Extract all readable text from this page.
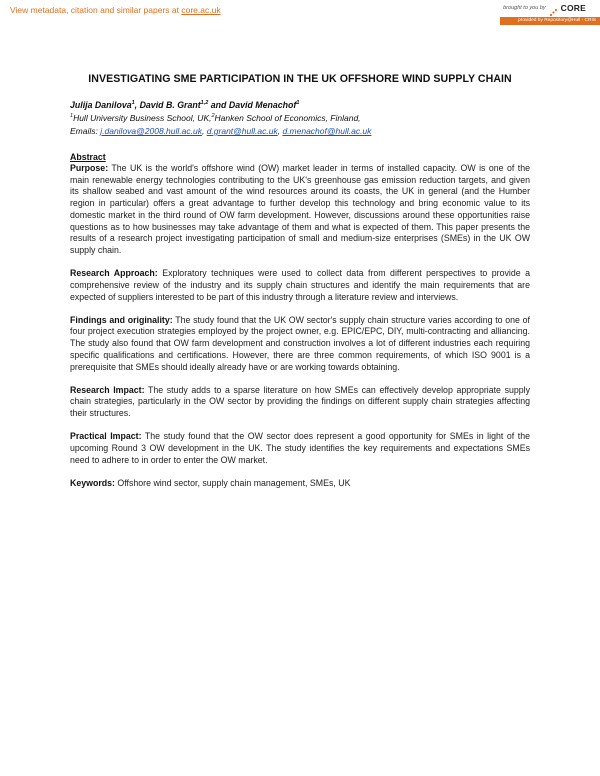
View metadata, citation and similar papers at core.ac.uk	brought to you by CORE
provided by Repository@Hull - CRIS
INVESTIGATING SME PARTICIPATION IN THE UK OFFSHORE WIND SUPPLY CHAIN
Julija Danilova$^1$, David B. Grant$^{1,2}$ and David Menachof$^1$
$^1$Hull University Business School, UK,$^2$Hanken School of Economics, Finland,
Emails: j.danilova@2008.hull.ac.uk, d.grant@hull.ac.uk, d.menachof@hull.ac.uk
Abstract

Purpose: The UK is the world's offshore wind (OW) market leader in terms of installed capacity. OW is one of the main renewable energy technologies contributing to the UK's greenhouse gas emission reduction targets, and given its shallow seabed and vast amount of the wind resources around its coasts, the UK in general (and the Humber region in particular) offers a great advantage to further develop this technology and bring economic value to its domestic market in the third round of OW farm development. However, discussions around these opportunities raise questions as to how businesses may take advantage of them and what is expected of them. This paper presents the results of a research project investigating participation of small and medium-size enterprises (SMEs) in the UK OW supply chain.

Research Approach: Exploratory techniques were used to collect data from different perspectives to provide a comprehensive review of the industry and its supply chain structures and identify the main requirements that are expected of suppliers interested to be part of this industry through a literature review and interviews.

Findings and originality: The study found that the UK OW sector's supply chain structure varies according to one of four project execution strategies employed by the project owner, e.g. EPIC/EPC, DIY, multi-contracting and alliancing. The study also found that OW farm development and construction involves a lot of different industries each requiring specific qualifications and certifications. However, there are three common requirements, of which ISO 9001 is a prerequisite that SMEs should ideally already have or are working towards obtaining.

Research Impact: The study adds to a sparse literature on how SMEs can effectively develop appropriate supply chain strategies, particularly in the OW sector by providing the findings on different supply chain strategies affecting their structures.

Practical Impact: The study found that the OW sector does represent a good opportunity for SMEs in light of the upcoming Round 3 OW development in the UK. The study identifies the key requirements and expectations SMEs need to adhere to in order to enter the OW market.

Keywords: Offshore wind sector, supply chain management, SMEs, UK
